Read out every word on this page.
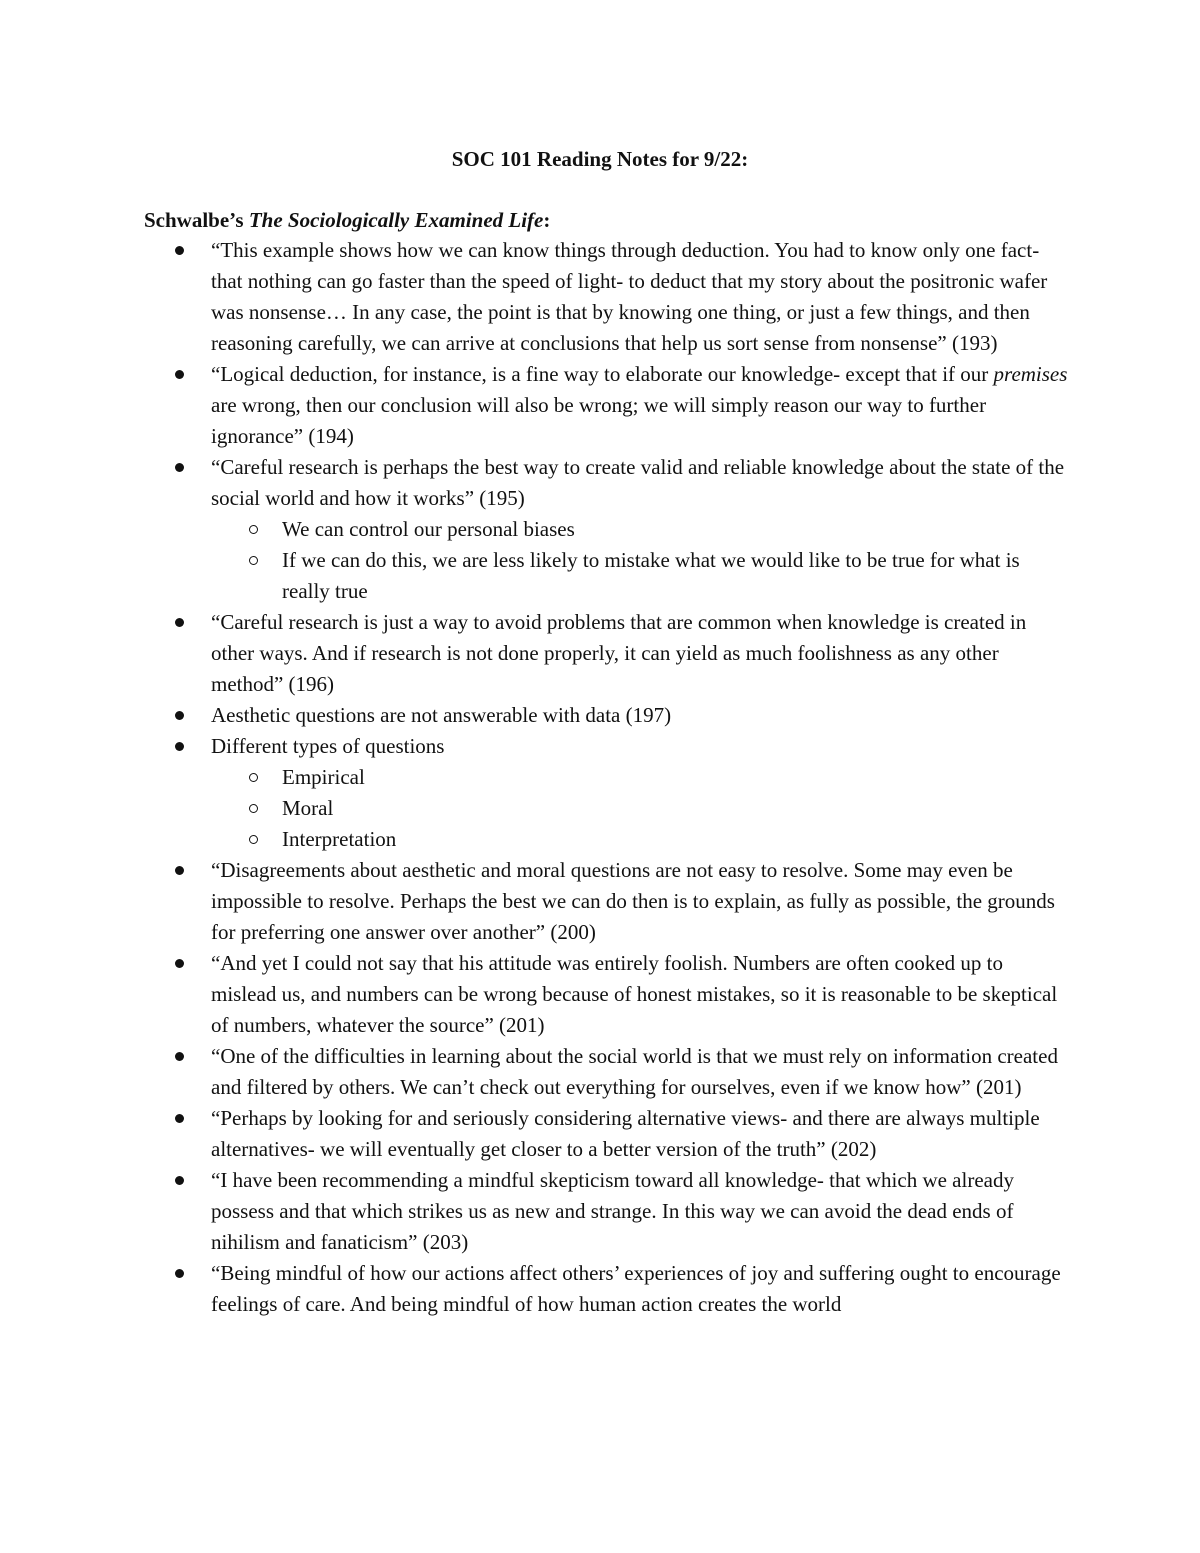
SOC 101 Reading Notes for 9/22:

Schwalbe’s The Sociologically Examined Life:

“This example shows how we can know things through deduction. You had to know only one fact- that nothing can go faster than the speed of light- to deduct that my story about the positronic wafer was nonsense… In any case, the point is that by knowing one thing, or just a few things, and then reasoning carefully, we can arrive at conclusions that help us sort sense from nonsense” (193)
“Logical deduction, for instance, is a fine way to elaborate our knowledge- except that if our premises are wrong, then our conclusion will also be wrong; we will simply reason our way to further ignorance” (194)
“Careful research is perhaps the best way to create valid and reliable knowledge about the state of the social world and how it works” (195)
We can control our personal biases
If we can do this, we are less likely to mistake what we would like to be true for what is really true
“Careful research is just a way to avoid problems that are common when knowledge is created in other ways. And if research is not done properly, it can yield as much foolishness as any other method” (196)
Aesthetic questions are not answerable with data (197)
Different types of questions
Empirical
Moral
Interpretation
“Disagreements about aesthetic and moral questions are not easy to resolve. Some may even be impossible to resolve. Perhaps the best we can do then is to explain, as fully as possible, the grounds for preferring one answer over another” (200)
“And yet I could not say that his attitude was entirely foolish. Numbers are often cooked up to mislead us, and numbers can be wrong because of honest mistakes, so it is reasonable to be skeptical of numbers, whatever the source” (201)
“One of the difficulties in learning about the social world is that we must rely on information created and filtered by others. We can’t check out everything for ourselves, even if we know how” (201)
“Perhaps by looking for and seriously considering alternative views- and there are always multiple alternatives- we will eventually get closer to a better version of the truth” (202)
“I have been recommending a mindful skepticism toward all knowledge- that which we already possess and that which strikes us as new and strange. In this way we can avoid the dead ends of nihilism and fanaticism” (203)
“Being mindful of how our actions affect others’ experiences of joy and suffering ought to encourage feelings of care. And being mindful of how human action creates the world
